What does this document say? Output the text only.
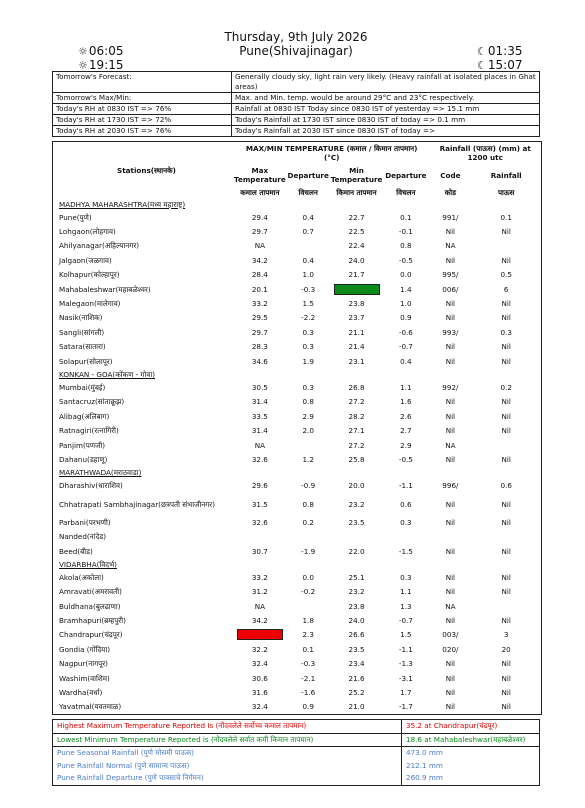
Thursday, 9th July 2026
Pune(Shivajinagar)
☼06:05
☼19:15
☾01:35
☾15:07
Tomorrow's Forecast:	Generally cloudy sky, light rain very likely. (Heavy rainfall at isolated places in Ghat areas)
Tomorrow's Max/Min:	Max. and Min. temp. would be around 29°C and 23°C respectively.
Today's RH at 0830 IST => 76%	Rainfall at 0830 IST Today since 0830 IST of yesterday => 15.1 mm
Today's RH at 1730 IST => 72%	Today's Rainfall at 1730 IST since 0830 IST of today => 0.1 mm
Today's RH at 2030 IST => 76%	Today's Rainfall at 2030 IST since 0830 IST of today =>
Stations(स्थानके)	MAX/MIN TEMPERATURE (कमाल / किमान तापमान) (°C)				Rainfall (पाऊस) (mm) at 1200 utc	
	Max Temperature	Departure	Min Temperature	Departure	Code	Rainfall
	कमाल तापमान	विचलन	किमान तापमान	विचलन	कोड	पाऊस
MADHYA MAHARASHTRA(मध्य महाराष्ट्र)						
Pune(पुणे)	29.4	0.4	22.7	0.1	991/	0.1
Lohgaon(लोहगाव)	29.7	0.7	22.5	-0.1	Nil	Nil
Ahilyanagar(अहिल्यानगर)	NA		22.4	0.8	NA	
Jalgaon(जळगाव)	34.2	0.4	24.0	-0.5	Nil	Nil
Kolhapur(कोल्हापूर)	28.4	1.0	21.7	0.0	995/	0.5
Mahabaleshwar(महाबळेश्वर)	20.1	-0.3	18.6	1.4	006/	6
Malegaon(मालेगाव)	33.2	1.5	23.8	1.0	Nil	Nil
Nasik(नाशिक)	29.5	-2.2	23.7	0.9	Nil	Nil
Sangli(सांगली)	29.7	0.3	21.1	-0.6	993/	0.3
Satara(सातारा)	28.3	0.3	21.4	-0.7	Nil	Nil
Solapur(सोलापूर)	34.6	1.9	23.1	0.4	Nil	Nil
KONKAN - GOA(कोंकण - गोवा)						
Mumbai(मुंबई)	30.5	0.3	26.8	1.1	992/	0.2
Santacruz(सांताक्रूझ)	31.4	0.8	27.2	1.6	Nil	Nil
Alibag(अलिबाग)	33.5	2.9	28.2	2.6	Nil	Nil
Ratnagiri(रत्नागिरी)	31.4	2.0	27.1	2.7	Nil	Nil
Panjim(पणजी)	NA		27.2	2.9	NA	
Dahanu(डहाणू)	32.6	1.2	25.8	-0.5	Nil	Nil
MARATHWADA(मराठवाडा)						
Dharashiv(धाराशिव)	29.6	-0.9	20.0	-1.1	996/	0.6
Chhatrapati Sambhajinagar(छत्रपती संभाजीनगर)	31.5	0.8	23.2	0.6	Nil	Nil
Parbani(परभणी)	32.6	0.2	23.5	0.3	Nil	Nil
Nanded(नांदेड)						
Beed(बीड)	30.7	-1.9	22.0	-1.5	Nil	Nil
VIDARBHA(विदर्भ)						
Akola(अकोला)	33.2	0.0	25.1	0.3	Nil	Nil
Amravati(अमरावती)	31.2	-0.2	23.2	1.1	Nil	Nil
Buldhana(बुलढाणा)	NA		23.8	1.3	NA	
Bramhapuri(ब्रम्हपुरी)	34.2	1.8	24.0	-0.7	Nil	Nil
Chandrapur(चंद्रपूर)	35.2	2.3	26.6	1.5	003/	3
Gondia (गोंदिया)	32.2	0.1	23.5	-1.1	020/	20
Nagpur(नागपूर)	32.4	-0.3	23.4	-1.3	Nil	Nil
Washim(वाशिम)	30.6	-2.1	21.6	-3.1	Nil	Nil
Wardha(वर्धा)	31.6	-1.6	25.2	1.7	Nil	Nil
Yavatmal(यवतमाळ)	32.4	0.9	21.0	-1.7	Nil	Nil
Highest Maximum Temperature Reported Is (नोंदवलेले सर्वोच्च कमाल तापमान)	35.2 at Chandrapur(चंद्रपूर)
Lowest Minimum Temperature Reported is (नोंदवलेले सर्वात कमी किमान तापमान)	18.6 at Mahabaleshwar(महाबळेश्वर)
Pune Seasonal Rainfall (पुणे मोसमी पाऊस)	473.0 mm
Pune Rainfall Normal (पुणे सामान्य पाऊस)	212.1 mm
Pune Rainfall Departure (पुणे पावसाचे निर्गमन)	260.9 mm
